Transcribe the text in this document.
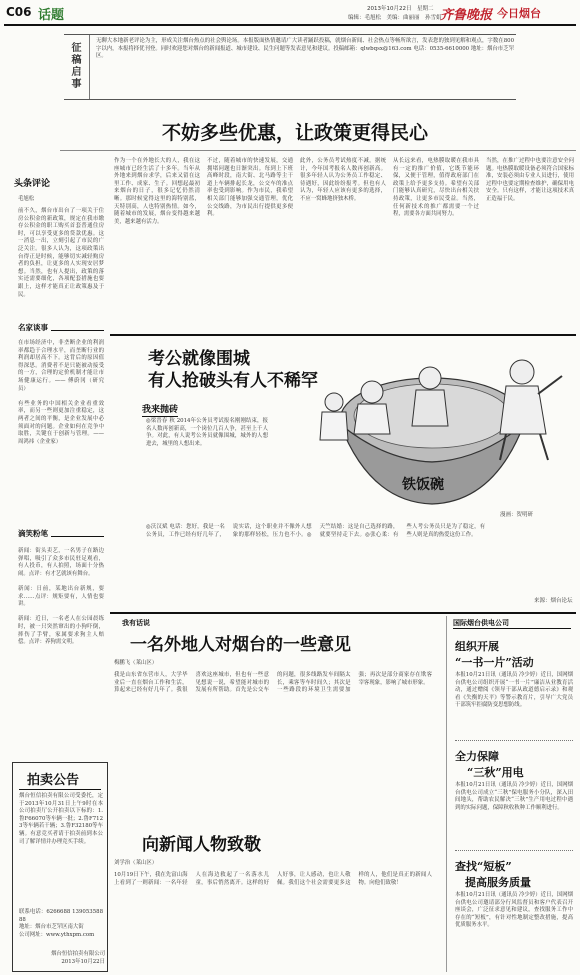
C06 话题	2013年10月22日　星期二
编辑：毛旭松　美编：曲丽丽　孙雪娟
齐鲁晚报 今日烟台
征稿启事
无聊大本地新老评论为主，形成关注烟台热点的社会舆论场。本报版面热情邀请广大读者踊跃投稿，就烟台新闻、社会热点等畅所欲言，发表您的独到见解和观点，字数在800字以内，本报将择优刊登。同时欢迎您对烟台的新闻报道、城市建设、民生问题等发表意见和建议。投稿邮箱：qlwbqsx@163.com 电话：0535-6610000 地址：烟台市芝罘区。
不妨多些优惠，让政策更得民心
头条评论
毛旭松
前不久，烟台市出台了一项关于住房公积金的新政策，规定在我市缴存公积金的职工购买首套普通住房时，可以享受更多的贷款优惠。这一消息一出，立刻引起了市民的广泛关注。很多人认为，这项政策出台得正是时候，能够切实减轻购房者的负担，让更多的人实现安居梦想。当然，也有人提出，政策的落实还需要细化，各项配套措施也要跟上，这样才能真正让政策惠及于民。
名家谈事
在市场经济中，非垄断企业的利润率都趋于合理水平，而垄断行业的利润却居高不下。这背后的原因值得深思。消费者不是只能被动接受的一方，合理的定价机制才能让市场健康运行。—— 傅蔚冈（研究员）

有些业务的中国相关企业看重效率，而另一些则更加注重稳定，这两者之间的平衡，是企业发展中必须面对的问题。企业如何在竞争中取胜，关键在于创新与管理。—— 周鸿祎（企业家）
滴笑粉笔
新闻：街头卖艺，一名男子在路边弹唱，吸引了众多市民驻足观看，有人投币，有人拍照，场面十分热闹。点评：有才艺就该有舞台。

新闻：日前，某地出台新规，要求……点评：规矩要有，人情也要讲。

新闻：近日，一名老人在公园晨练时，被一只突然窜出的小狗吓倒，摔伤了手臂，家属要求狗主人赔偿。点评：养狗需文明。
拍卖公告
烟台恒信拍卖有限公司受委托，定于2013年10月31日上午9时在本公司拍卖厅公开拍卖以下标的：1.鲁F66070等车辆一批；2.鲁F7123等车辆若干辆；3.鲁F32180等车辆。有意竞买者请于拍卖前到本公司了解详情并办理竞买手续。
联系电话：6266688 13905358888
地址：烟台市芝罘区南大街
公司网址：www.ythxpm.com
烟台恒信拍卖有限公司
2013年10月22日
作为一个在外地长大的人，我在这座城市已经生活了十多年。当年从外地来到烟台求学，后来又留在这里工作、成家、生子。回想起最初来烟台的日子，很多记忆仍然清晰。那时候觉得这里的海特别蓝，天特别高，人也特别热情。如今，随着城市的发展，烟台变得越来越美，越来越有活力。
不过，随着城市的快速发展，交通拥堵问题也日渐突出。每到上下班高峰时段，南大街、北马路等主干道上车辆排起长龙，公交车的准点率也受到影响。作为市民，我希望相关部门能够加强交通管理，优化公交线路，为市民出行提供更多便利。
此外，公务员考试热度不减，据统计，今年国考报名人数再创新高。很多年轻人认为公务员工作稳定、待遇好，因此纷纷报考。但也有人认为，年轻人应该有更多的选择，不应一窝蜂地挤独木桥。
从长远来看，电热膜取暖在我市具有一定的推广价值，它既节能环保，又便于管理，值得政府部门在政策上给予更多支持。希望有关部门能够认真研究，尽快出台相关扶持政策，让更多市民受益。当然，任何新技术的推广都需要一个过程，需要各方面共同努力。
当然，在推广过程中也要注意安全问题。电热膜取暖设备必须符合国家标准，安装必须由专业人员进行，使用过程中也要定期检查维护，确保用电安全。只有这样，才能让这项技术真正造福于民。
考公就像围城
有人抢破头有人不稀罕
我来抛砖
◎梁晋春 秋 2014年公务员考试报名刚刚结束，报名人数再创新高，一个岗位几百人争，甚至上千人争。对此，有人说考公务员就像围城，城外的人想进去，城里的人想出来。
铁饭碗
漫画：贺明研
◎沃汉斌 电话：您好，我是一名公务员，工作已经有好几年了，说实话，这个职业并不像外人想象的那样轻松，压力也不小。◎天竺结婚：这是自己选择的路，就要坚持走下去。◎张心柔：有些人考公务员只是为了稳定，有些人则是真的热爱这份工作。
来源：烟台论坛
我有话说
一名外地人对烟台的一些意见
梅鹏飞（莱山区）
我是山东省东营市人，大学毕业后一直在烟台工作和生活，算起来已经有好几年了。我很喜欢这座城市，但也有一些意见想说一说，希望能对城市的发展有所帮助。首先是公交车的问题，很多线路发车间隔太长，乘客等车时间久；其次是一些路段的环境卫生需要加强；再次是部分商家存在欺客宰客现象，影响了城市形象。
向新闻人物致敬
刘学治（莱山区）
10月19日下午，我在先富山海上看到了一则新闻：一名年轻人在海边救起了一名落水儿童，事后悄然离开。这样的好人好事，让人感动，也让人敬佩。我们这个社会需要更多这样的人，他们是真正的新闻人物。向他们致敬！
国际烟台供电公司
组织开展
“一书一片”活动
本报10月21日讯（通讯员 冷少婷）近日，国网烟台供电公司组织开展“一书一片”廉洁从业教育活动，通过赠阅《领导干部从政道德启示录》和观看《失衡的天平》等警示教育片，引导广大党员干部筑牢拒腐防变思想防线。
全力保障
“三秋”用电
本报10月21日讯（通讯员 冷少婷）近日，国网烟台供电公司成立“三秋”保电服务小分队，深入田间地头，帮助农民解决“三秋”生产用电过程中遇到的实际问题，保障秋收秋种工作顺利进行。
查找“短板”
提高服务质量
本报10月21日讯（通讯员 冷少婷）近日，国网烟台供电公司邀请部分行风监督员和客户代表召开座谈会，广泛征求意见和建议，查找服务工作中存在的“短板”，有针对性地制定整改措施，提高优质服务水平。
